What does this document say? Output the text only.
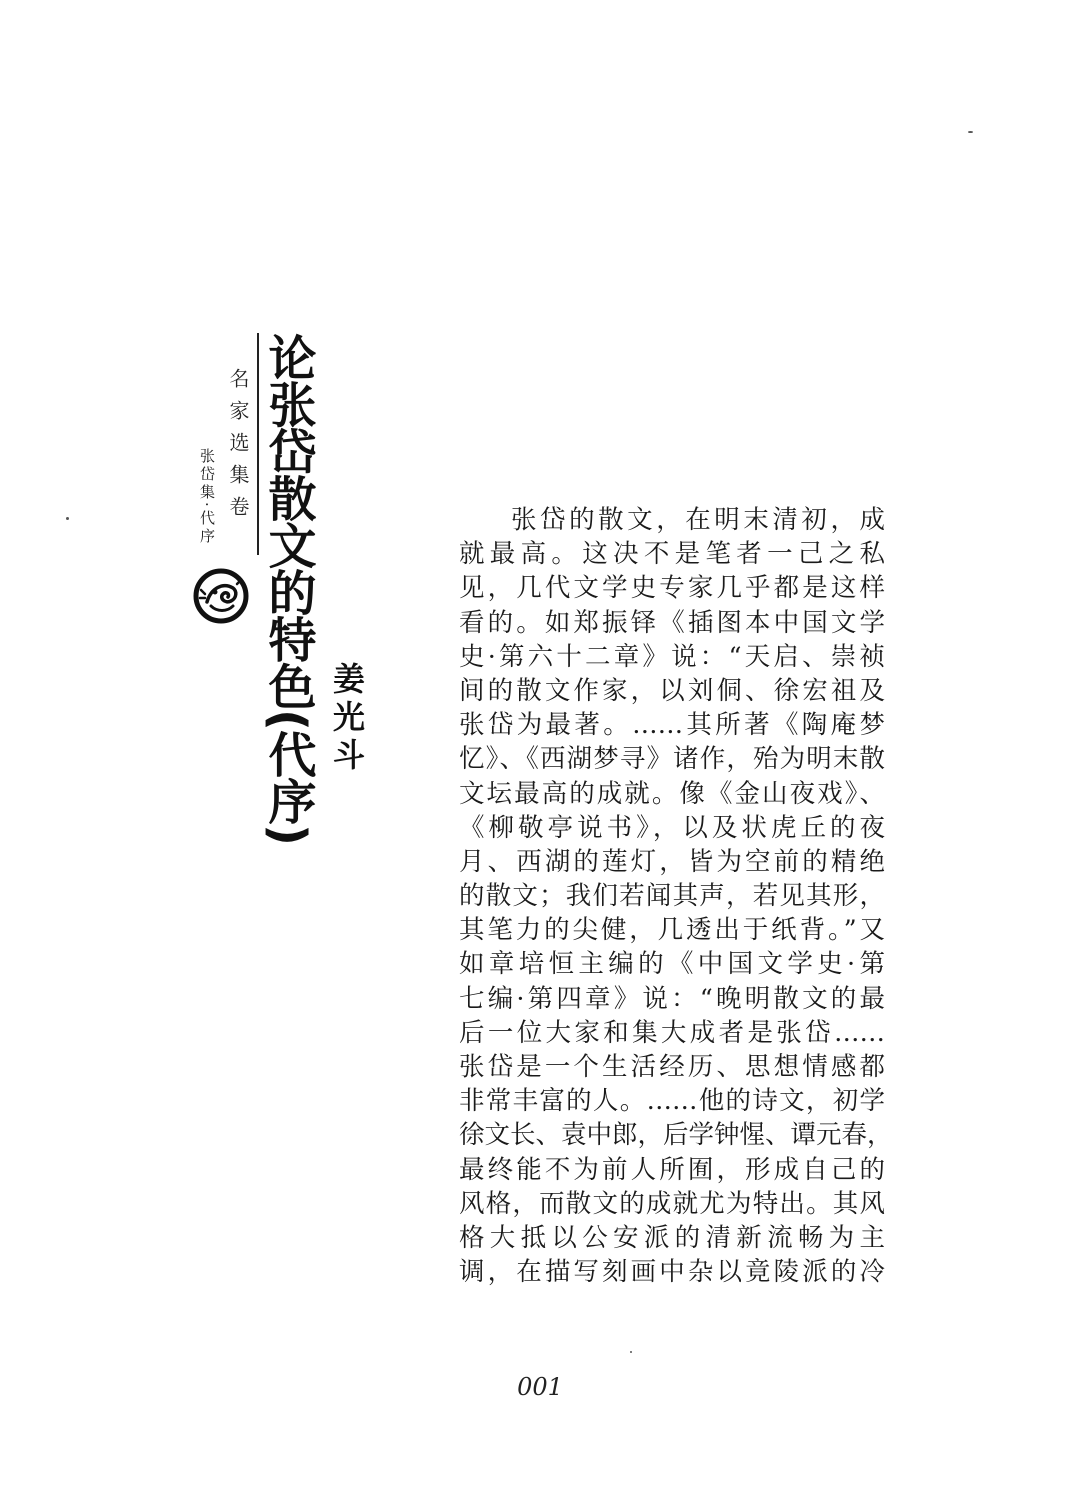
名家选集卷
张岱集·代序 论张岱散文的特色(代序) 姜光斗
张岱的散文，在明末清初，成
就最高。这决不是笔者一己之私
见，几代文学史专家几乎都是这样
看的。如郑振铎《插图本中国文学
史·第六十二章》说：“天启、崇祯
间的散文作家，以刘侗、徐宏祖及
张岱为最著。……其所著《陶庵梦
忆》、《西湖梦寻》诸作，殆为明末散
文坛最高的成就。像《金山夜戏》、
《柳敬亭说书》，以及状虎丘的夜
月、西湖的莲灯，皆为空前的精绝
的散文；我们若闻其声，若见其形，
其笔力的尖健，几透出于纸背。”又
如章培恒主编的《中国文学史·第
七编·第四章》说：“晚明散文的最
后一位大家和集大成者是张岱……
张岱是一个生活经历、思想情感都
非常丰富的人。……他的诗文，初学
徐文长、袁中郎，后学钟惺、谭元春，
最终能不为前人所囿，形成自己的
风格，而散文的成就尤为特出。其风
格大抵以公安派的清新流畅为主
调，在描写刻画中杂以竟陵派的冷
001
